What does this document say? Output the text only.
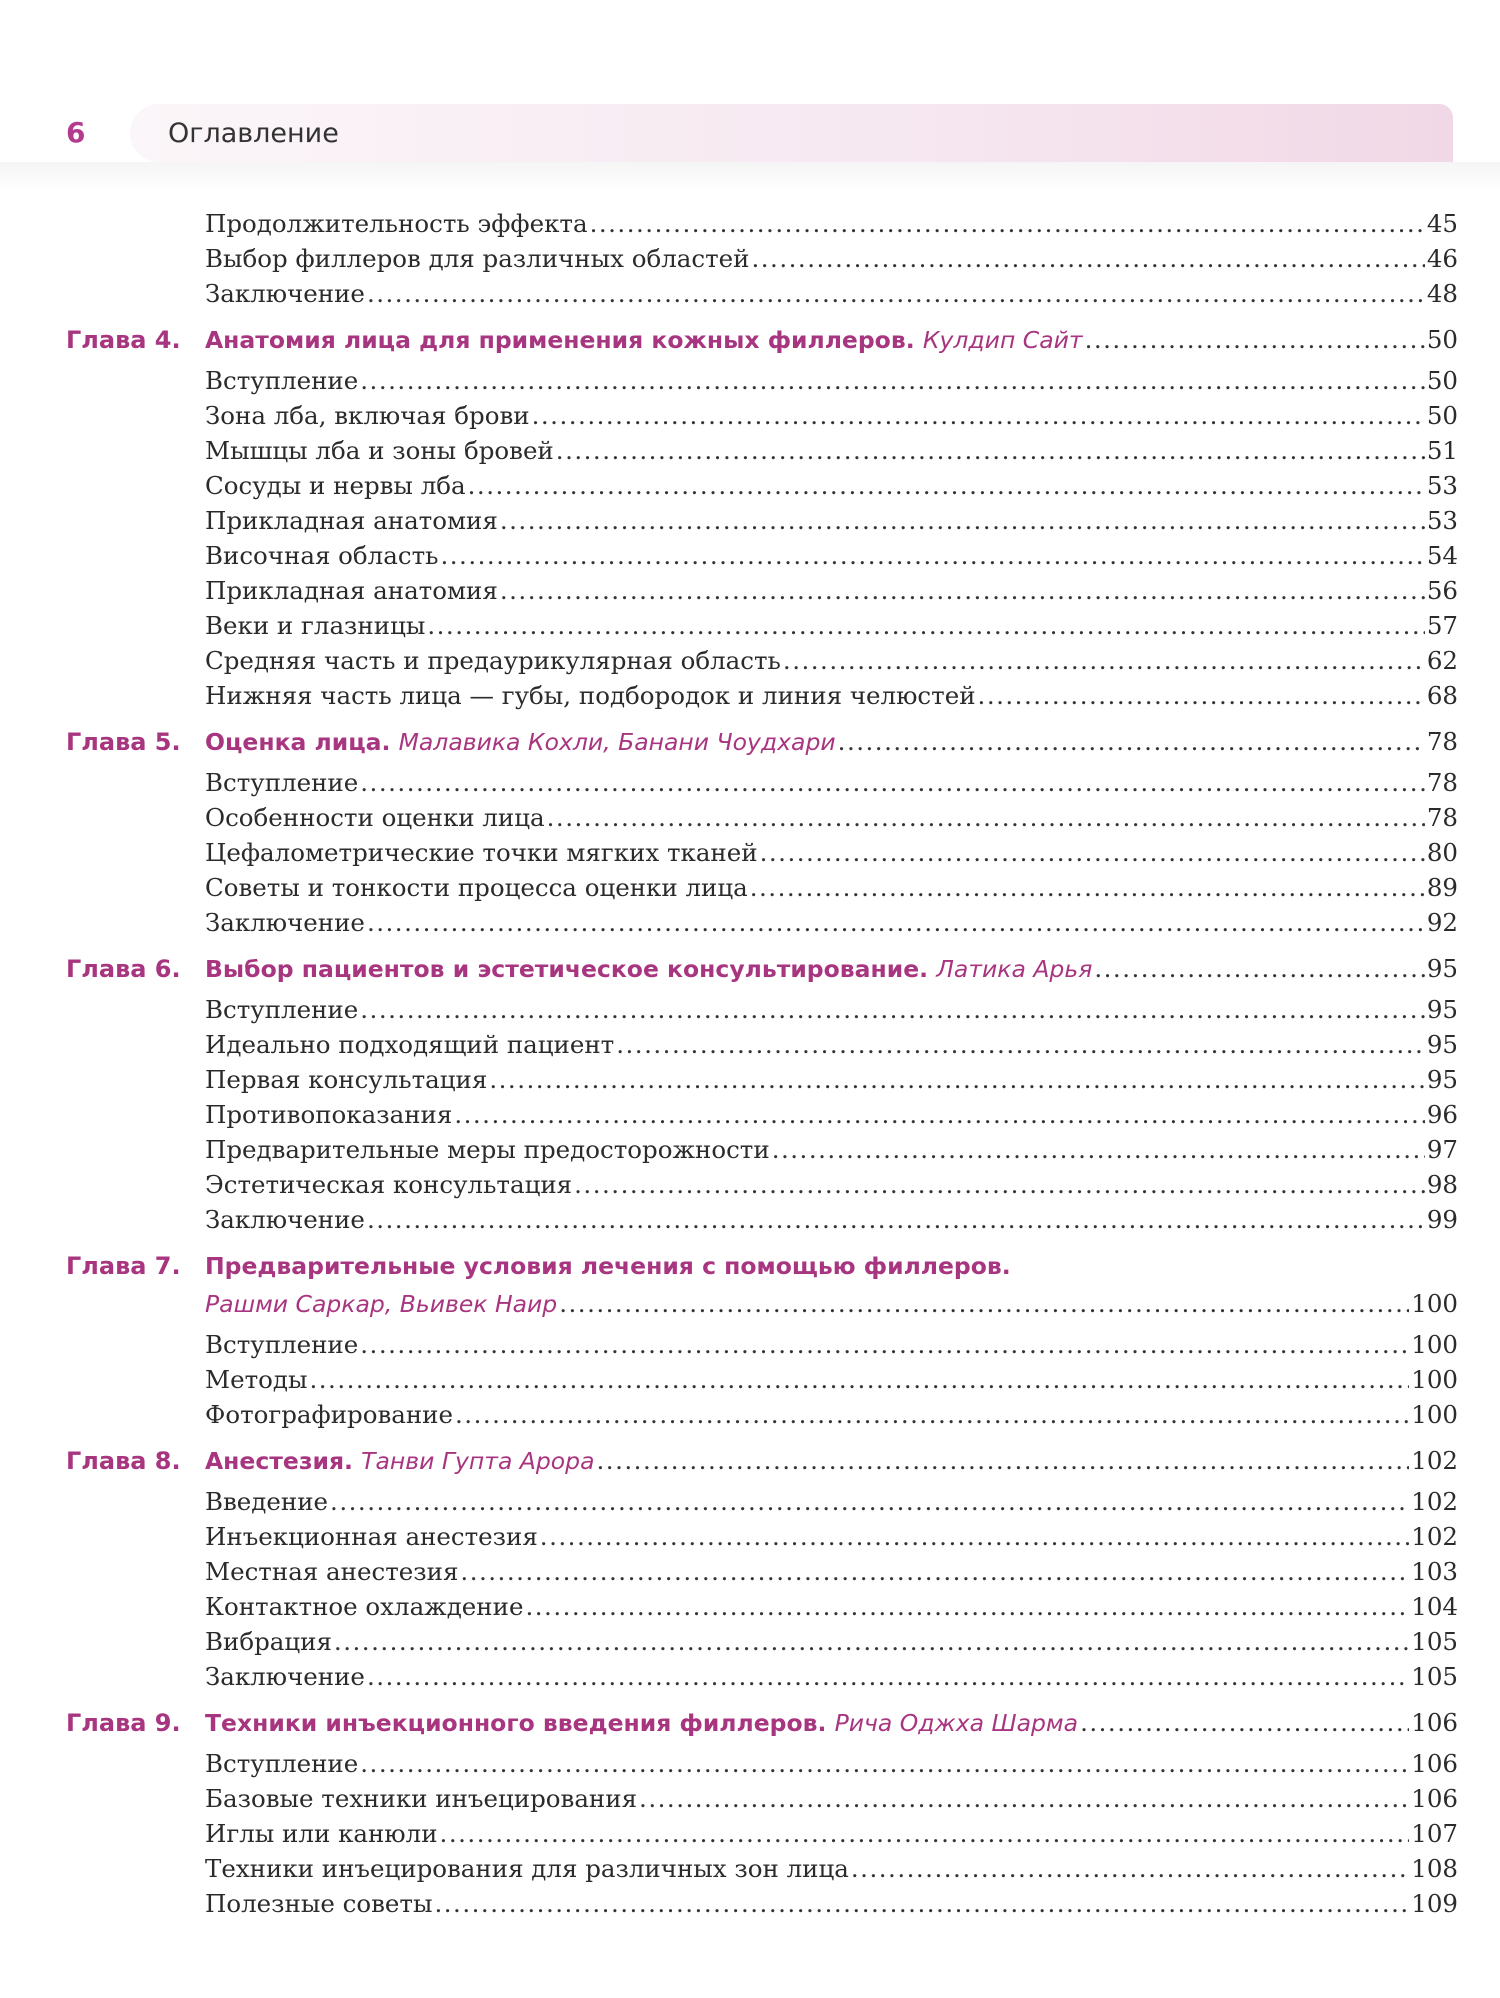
6	Оглавление
Продолжительность эффекта .....	45
Выбор филлеров для различных областей .....	46
Заключение .....	48
Глава 4. Анатомия лица для применения кожных филлеров. Кулдип Сайт .....	50
Вступление .....	50
Зона лба, включая брови .....	50
Мышцы лба и зоны бровей .....	51
Сосуды и нервы лба .....	53
Прикладная анатомия .....	53
Височная область .....	54
Прикладная анатомия .....	56
Веки и глазницы .....	57
Средняя часть и предаурикулярная область .....	62
Нижняя часть лица — губы, подбородок и линия челюстей .....	68
Глава 5. Оценка лица. Малавика Кохли, Банани Чоудхари .....	78
Вступление .....	78
Особенности оценки лица .....	78
Цефалометрические точки мягких тканей .....	80
Советы и тонкости процесса оценки лица .....	89
Заключение .....	92
Глава 6. Выбор пациентов и эстетическое консультирование. Латика Арья .....	95
Вступление .....	95
Идеально подходящий пациент .....	95
Первая консультация .....	95
Противопоказания .....	96
Предварительные меры предосторожности .....	97
Эстетическая консультация .....	98
Заключение .....	99
Глава 7. Предварительные условия лечения с помощью филлеров.
Рашми Саркар, Вьивек Наир .....	100
Вступление .....	100
Методы .....	100
Фотографирование .....	100
Глава 8. Анестезия. Танви Гупта Арора .....	102
Введение .....	102
Инъекционная анестезия .....	102
Местная анестезия .....	103
Контактное охлаждение .....	104
Вибрация .....	105
Заключение .....	105
Глава 9. Техники инъекционного введения филлеров. Рича Оджха Шарма .....	106
Вступление .....	106
Базовые техники инъецирования .....	106
Иглы или канюли .....	107
Техники инъецирования для различных зон лица .....	108
Полезные советы .....	109
